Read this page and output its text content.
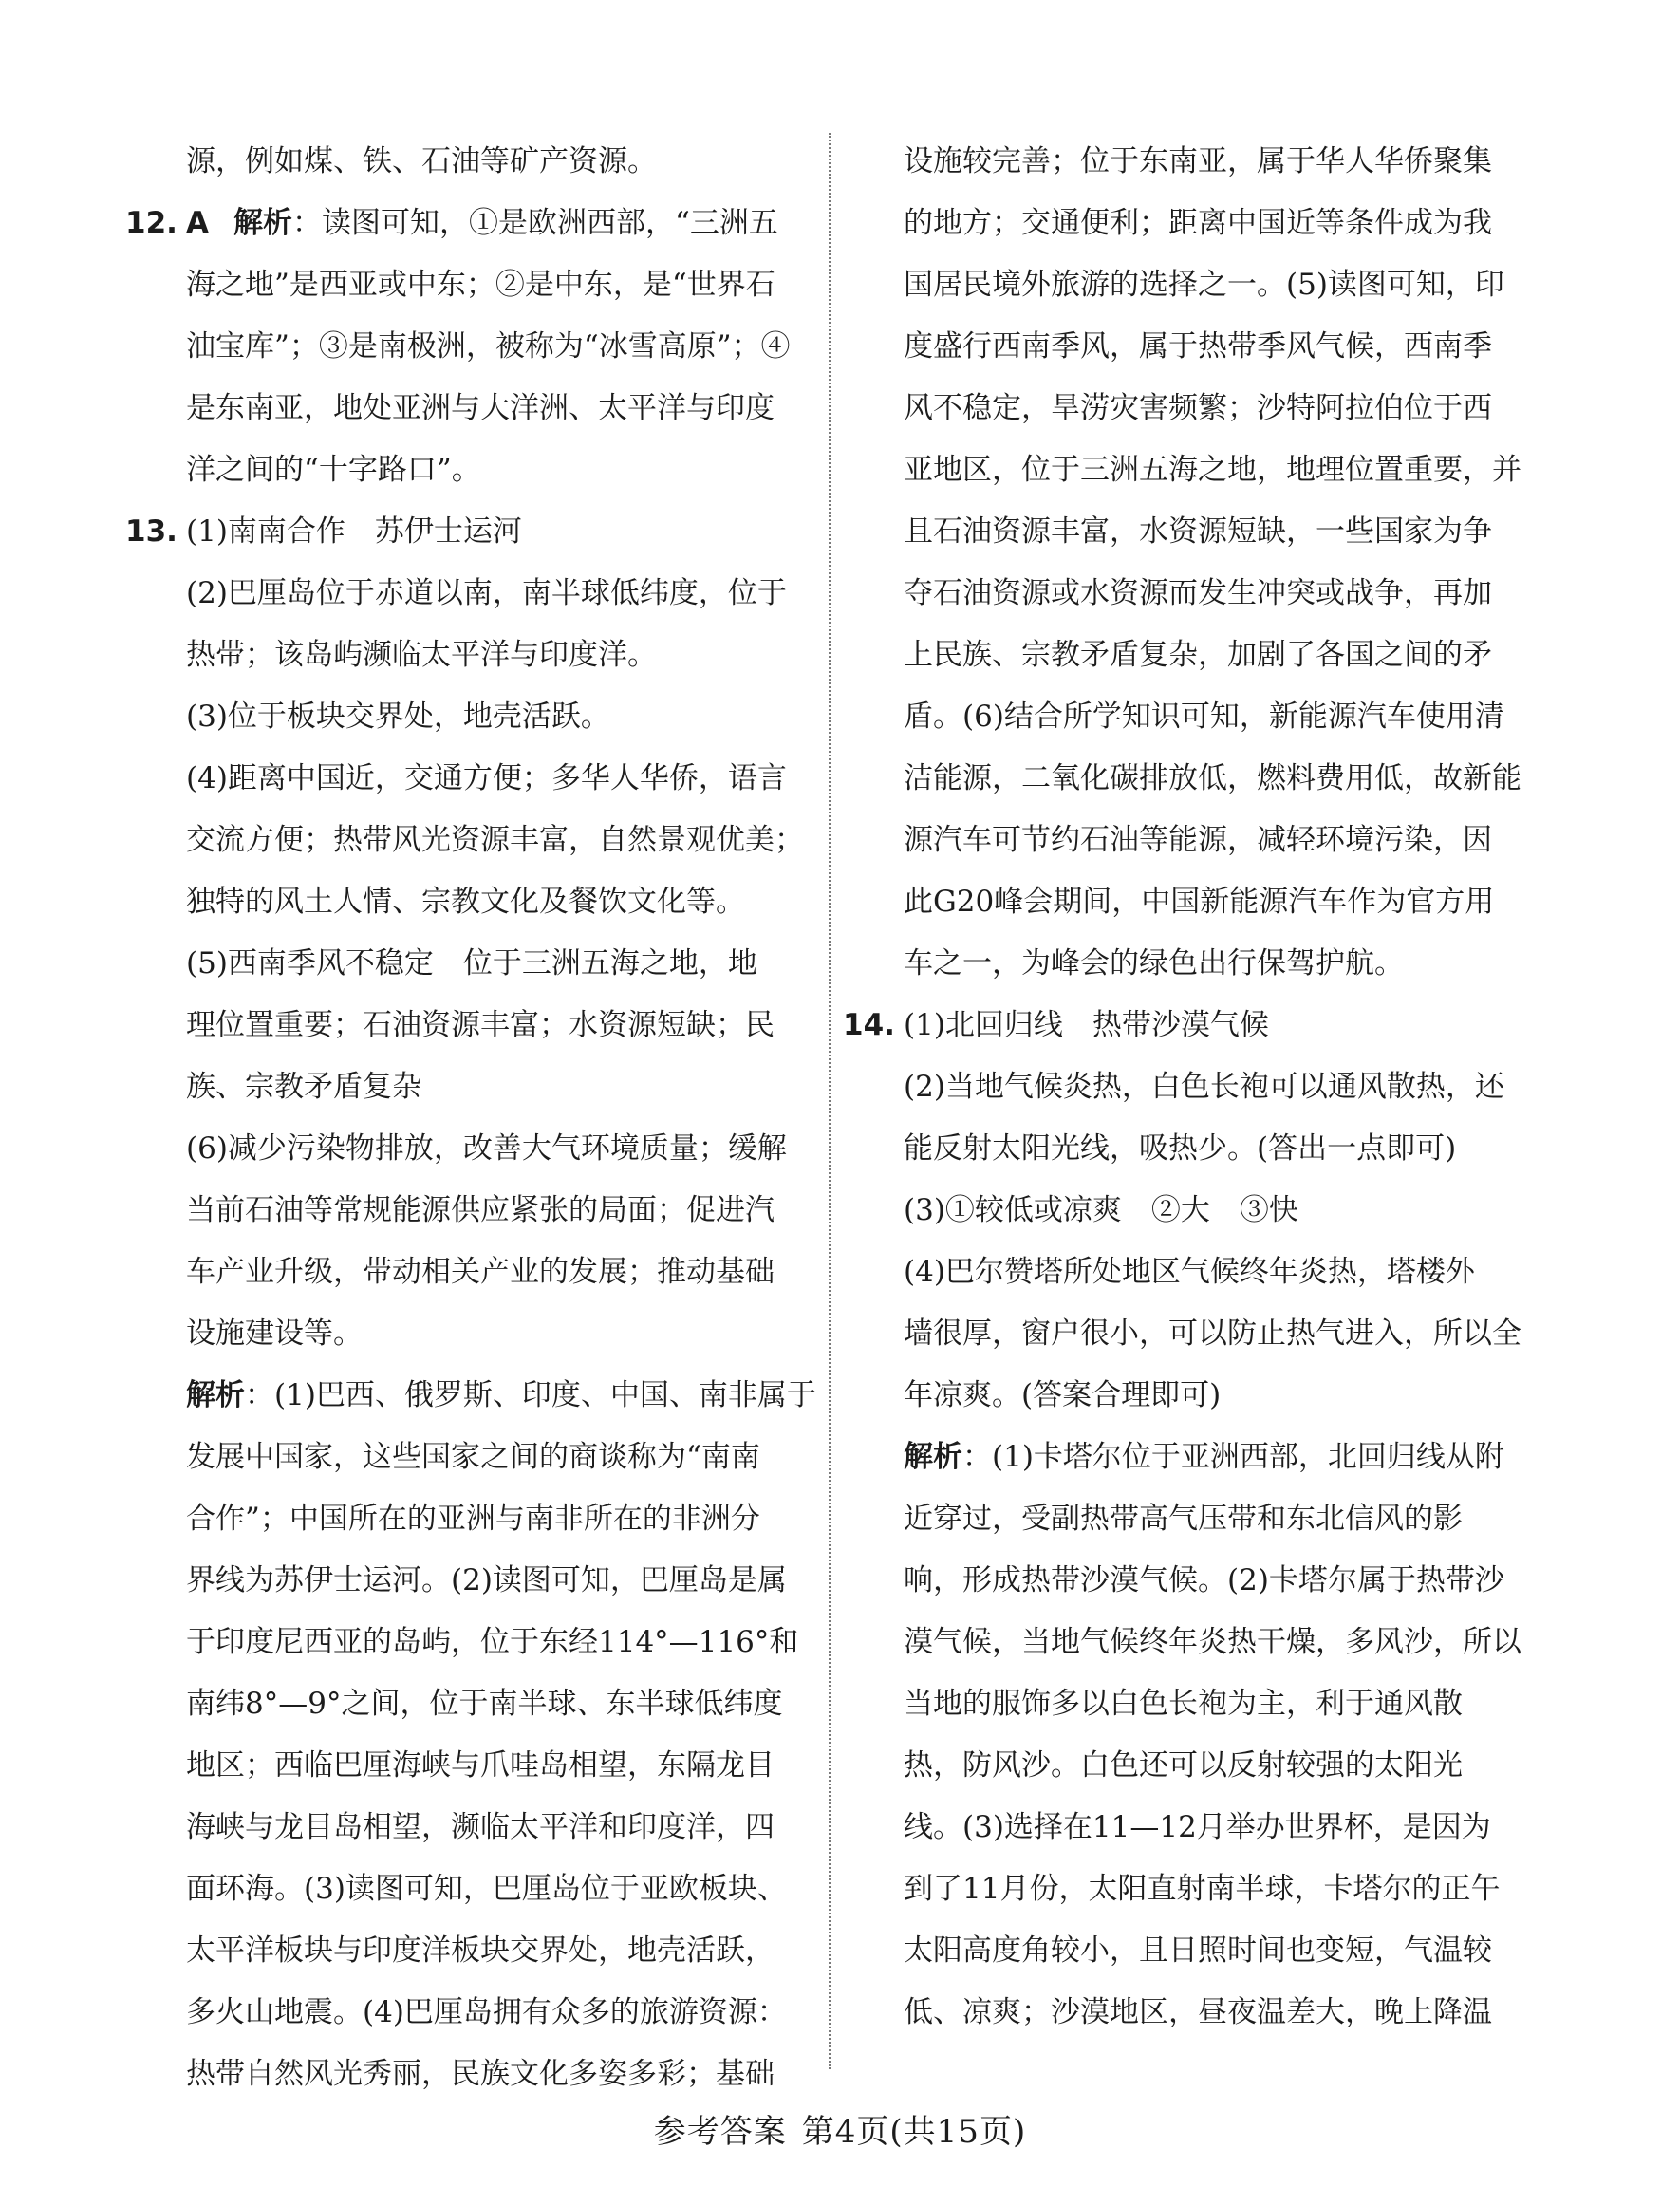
源，例如煤、铁、石油等矿产资源。
12. A 解析：读图可知，①是欧洲西部，“三洲五
海之地”是西亚或中东；②是中东，是“世界石
油宝库”；③是南极洲，被称为“冰雪高原”；④
是东南亚，地处亚洲与大洋洲、太平洋与印度
洋之间的“十字路口”。
13. (1)南南合作　苏伊士运河
(2)巴厘岛位于赤道以南，南半球低纬度，位于
热带；该岛屿濒临太平洋与印度洋。
(3)位于板块交界处，地壳活跃。
(4)距离中国近，交通方便；多华人华侨，语言
交流方便；热带风光资源丰富，自然景观优美；
独特的风土人情、宗教文化及餐饮文化等。
(5)西南季风不稳定　位于三洲五海之地，地
理位置重要；石油资源丰富；水资源短缺；民
族、宗教矛盾复杂
(6)减少污染物排放，改善大气环境质量；缓解
当前石油等常规能源供应紧张的局面；促进汽
车产业升级，带动相关产业的发展；推动基础
设施建设等。
解析：(1)巴西、俄罗斯、印度、中国、南非属于
发展中国家，这些国家之间的商谈称为“南南
合作”；中国所在的亚洲与南非所在的非洲分
界线为苏伊士运河。(2)读图可知，巴厘岛是属
于印度尼西亚的岛屿，位于东经114°—116°和
南纬8°—9°之间，位于南半球、东半球低纬度
地区；西临巴厘海峡与爪哇岛相望，东隔龙目
海峡与龙目岛相望，濒临太平洋和印度洋，四
面环海。(3)读图可知，巴厘岛位于亚欧板块、
太平洋板块与印度洋板块交界处，地壳活跃，
多火山地震。(4)巴厘岛拥有众多的旅游资源：
热带自然风光秀丽，民族文化多姿多彩；基础
设施较完善；位于东南亚，属于华人华侨聚集
的地方；交通便利；距离中国近等条件成为我
国居民境外旅游的选择之一。(5)读图可知，印
度盛行西南季风，属于热带季风气候，西南季
风不稳定，旱涝灾害频繁；沙特阿拉伯位于西
亚地区，位于三洲五海之地，地理位置重要，并
且石油资源丰富，水资源短缺，一些国家为争
夺石油资源或水资源而发生冲突或战争，再加
上民族、宗教矛盾复杂，加剧了各国之间的矛
盾。(6)结合所学知识可知，新能源汽车使用清
洁能源，二氧化碳排放低，燃料费用低，故新能
源汽车可节约石油等能源，减轻环境污染，因
此G20峰会期间，中国新能源汽车作为官方用
车之一，为峰会的绿色出行保驾护航。
14. (1)北回归线　热带沙漠气候
(2)当地气候炎热，白色长袍可以通风散热，还
能反射太阳光线，吸热少。(答出一点即可)
(3)①较低或凉爽　②大　③快
(4)巴尔赞塔所处地区气候终年炎热，塔楼外
墙很厚，窗户很小，可以防止热气进入，所以全
年凉爽。(答案合理即可)
解析：(1)卡塔尔位于亚洲西部，北回归线从附
近穿过，受副热带高气压带和东北信风的影
响，形成热带沙漠气候。(2)卡塔尔属于热带沙
漠气候，当地气候终年炎热干燥，多风沙，所以
当地的服饰多以白色长袍为主，利于通风散
热，防风沙。白色还可以反射较强的太阳光
线。(3)选择在11—12月举办世界杯，是因为
到了11月份，太阳直射南半球，卡塔尔的正午
太阳高度角较小，且日照时间也变短，气温较
低、凉爽；沙漠地区，昼夜温差大，晚上降温
参考答案 第4页(共15页)
